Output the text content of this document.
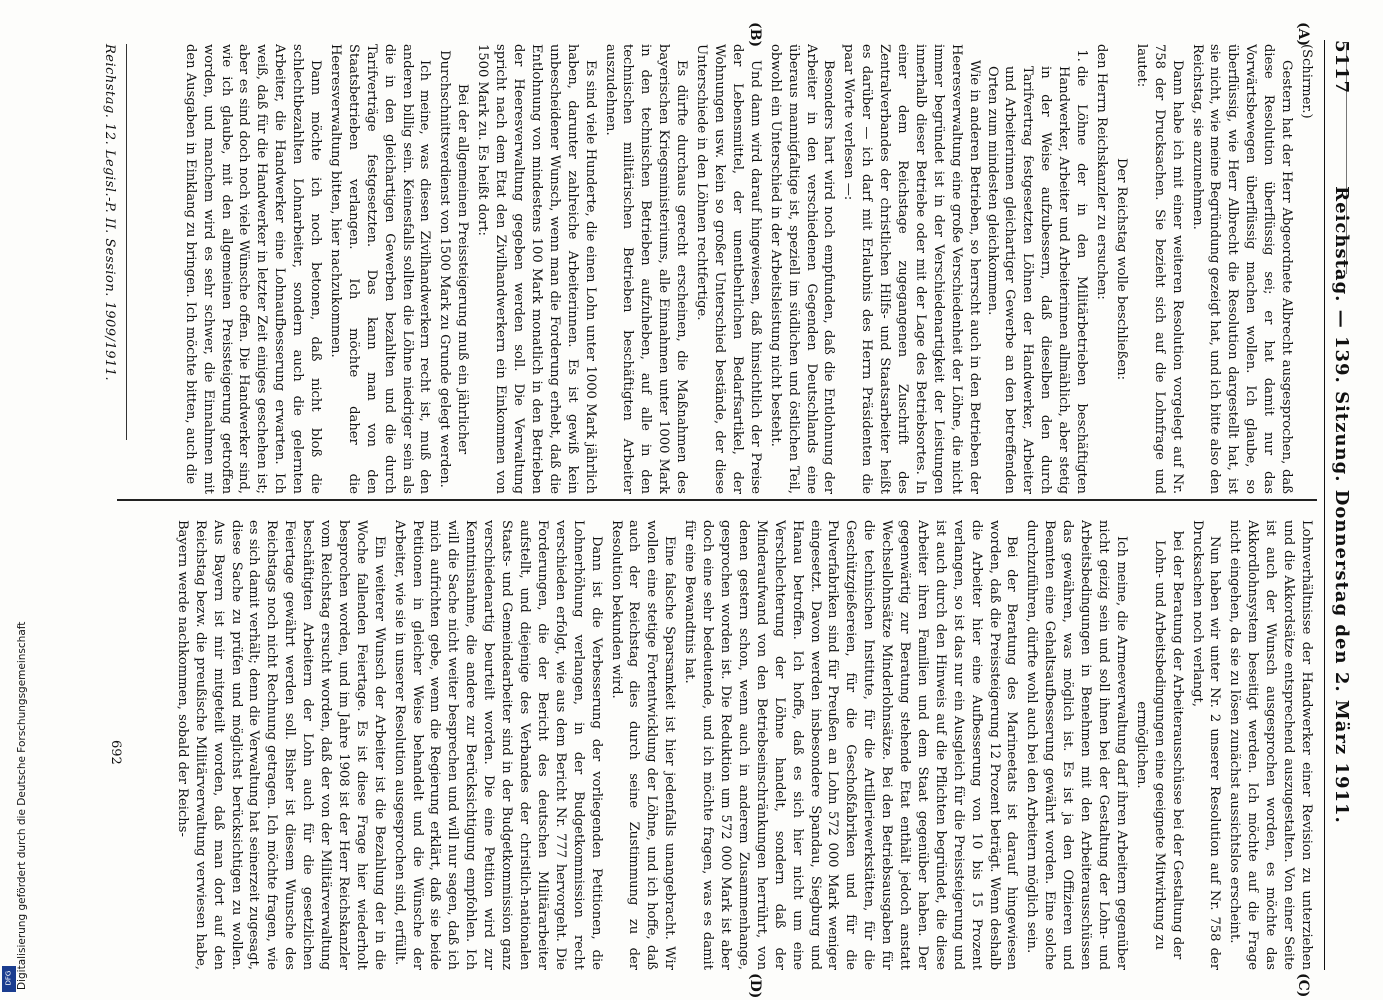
Digitalisierung gefördert durch die Deutsche Forschungsgemeinschaft
DFG
5117
Reichstag. — 139. Sitzung. Donnerstag den 2. März 1911.
(A)
(B)
(C)
(D)

(Schirmer.)

Gestern hat der Herr Abgeordnete Albrecht ausgesprochen, daß diese Resolution überflüssig sei; er hat damit nur das Vorwärtsbewegen überflüssig machen wollen. Ich glaube, so überflüssig, wie Herr Albrecht die Resolution dargestellt hat, ist sie nicht, wie meine Begründung gezeigt hat, und ich bitte also den Reichstag, sie anzunehmen.

Dann habe ich mit einer weiteren Resolution vorgelegt auf Nr. 758 der Drucksachen. Sie bezieht sich auf die Lohnfrage und lautet:

Der Reichstag wolle beschließen:

den Herrn Reichskanzler zu ersuchen:

1. die Löhne der in den Militärbetrieben beschäftigten Handwerker, Arbeiter und Arbeiterinnen allmählich, aber stetig in der Weise aufzubessern, daß dieselben den durch Tarifvertrag festgesetzten Löhnen der Handwerker, Arbeiter und Arbeiterinnen gleichartiger Gewerbe an den betreffenden Orten zum mindesten gleichkommen.

Wie in anderen Betrieben, so herrscht auch in den Betrieben der Heeresverwaltung eine große Verschiedenheit der Löhne, die nicht immer begründet ist in der Verschiedenartigkeit der Leistungen innerhalb dieser Betriebe oder mit der Lage des Betriebsortes. In einer dem Reichstage zugegangenen Zuschrift des Zentralverbandes der christlichen Hilfs- und Staatsarbeiter heißt es darüber — ich darf mit Erlaubnis des Herrn Präsidenten die paar Worte verlesen —:

Besonders hart wird noch empfunden, daß die Entlohnung der Arbeiter in den verschiedenen Gegenden Deutschlands eine überaus mannigfaltige ist, speziell im südlichen und östlichen Teil, obwohl ein Unterschied in der Arbeitsleistung nicht besteht.

Und dann wird darauf hingewiesen, daß hinsichtlich der Preise der Lebensmittel, der unentbehrlichen Bedarfsartikel, der Wohnungen usw. kein so großer Unterschied bestände, der diese Unterschiede in den Löhnen rechtfertige.

Es dürfte durchaus gerecht erscheinen, die Maßnahmen des bayerischen Kriegsministeriums, alle Einnahmen unter 1000 Mark in den technischen Betrieben aufzuheben, auf alle in den technischen militärischen Betrieben beschäftigten Arbeiter auszudehnen.

Es sind viele Hunderte, die einen Lohn unter 1000 Mark jährlich haben, darunter zahlreiche Arbeiterinnen. Es ist gewiß kein unbescheidener Wunsch, wenn man die Forderung erhebt, daß die Entlohnung von mindestens 100 Mark monatlich in den Betrieben der Heeresverwaltung gegeben werden soll. Die Verwaltung spricht nach dem Etat den Zivilhandwerkern ein Einkommen von 1500 Mark zu. Es heißt dort:

Bei der allgemeinen Preissteigerung muß ein jährlicher Durchschnittsverdienst von 1500 Mark zu Grunde gelegt werden.

Ich meine, was diesen Zivilhandwerkern recht ist, muß den anderen billig sein. Keinesfalls sollten die Löhne niedriger sein als die in den gleichartigen Gewerben bezahlten und die durch Tarifverträge festgesetzten. Das kann man von den Staatsbetrieben verlangen. Ich möchte daher die Heeresverwaltung bitten, hier nachzukommen.

Dann möchte ich noch betonen, daß nicht bloß die schlechtbezahlten Lohnarbeiter, sondern auch die gelernten Arbeiter, die Handwerker eine Lohnaufbesserung erwarten. Ich weiß, daß für die Handwerker in letzter Zeit einiges geschehen ist; aber es sind doch noch viele Wünsche offen. Die Handwerker sind, wie ich glaube, mit den allgemeinen Preissteigerung getroffen worden, und manchem wird es sehr schwer, die Einnahmen mit den Ausgaben in Einklang zu bringen. Ich möchte bitten, auch die

Lohnverhältnisse der Handwerker einer Revision zu unterziehen und die Akkordsätze entsprechend auszugestalten. Von einer Seite ist auch der Wunsch ausgesprochen worden, es möchte das Akkordlohnsystem beseitigt werden. Ich möchte auf die Frage nicht eingehen, da sie zu lösen zunächst aussichtslos erscheint.

Nun haben wir unter Nr. 2 unserer Resolution auf Nr. 758 der Drucksachen noch verlangt,

bei der Beratung der Arbeiterausschüsse bei der Gestaltung der Lohn- und Arbeitsbedingungen eine geeignete Mitwirkung zu ermöglichen.

Ich meine, die Armeeverwaltung darf ihren Arbeitern gegenüber nicht geizig sein und soll ihnen bei der Gestaltung der Lohn- und Arbeitsbedingungen in Benehmen mit den Arbeiterausschüssen das gewähren, was möglich ist. Es ist ja den Offizieren und Beamten eine Gehaltsaufbesserung gewährt worden. Eine solche durchzuführen, dürfte wohl auch bei den Arbeitern möglich sein.

Bei der Beratung des Marineetats ist darauf hingewiesen worden, daß die Preissteigerung 12 Prozent beträgt. Wenn deshalb die Arbeiter hier eine Aufbesserung von 10 bis 15 Prozent verlangen, so ist das nur ein Ausgleich für die Preissteigerung und ist auch durch den Hinweis auf die Pflichten begründet, die diese Arbeiter ihren Familien und dem Staat gegenüber haben. Der gegenwärtig zur Beratung stehende Etat enthält jedoch anstatt Wechsellohnsätze Minderlohnsätze. Bei den Betriebsausgaben für die technischen Institute, für die Artilleriewerkstätten, für die Geschützgießereien, für die Geschoßfabriken und für die Pulverfabriken sind für Preußen an Lohn 572 000 Mark weniger eingesetzt. Davon werden insbesondere Spandau, Siegburg und Hanau betroffen. Ich hoffe, daß es sich hier nicht um eine Verschlechterung der Löhne handelt, sondern daß der Minderaufwand von den Betriebseinschränkungen herrührt, von denen gestern schon, wenn auch in anderem Zusammenhange, gesprochen worden ist. Die Reduktion um 572 000 Mark ist aber doch eine sehr bedeutende, und ich möchte fragen, was es damit für eine Bewandtnis hat.

Eine falsche Sparsamkeit ist hier jedenfalls unangebracht. Wir wollen eine stetige Fortentwicklung der Löhne, und ich hoffe, daß auch der Reichstag dies durch seine Zustimmung zu der Resolution bekunden wird.

Dann ist die Verbesserung der vorliegenden Petitionen, die Lohnerhöhung verlangen, in der Budgetkommission recht verschieden erfolgt, wie aus dem Bericht Nr. 777 hervorgeht. Die Forderungen, die der Bericht des deutschen Militärarbeiter aufstellt, und diejenige des Verbandes der christlich-nationalen Staats- und Gemeindearbeiter sind in der Budgetkommission ganz verschiedenartig beurteilt worden. Die eine Petition wird zur Kenntnisnahme, die andere zur Berücksichtigung empfohlen. Ich will die Sache nicht weiter besprechen und will nur sagen, daß ich mich aufrichten gebe, wenn die Regierung erklärt, daß sie beide Petitionen in gleicher Weise behandelt und die Wünsche der Arbeiter, wie sie in unserer Resolution ausgesprochen sind, erfüllt.

Ein weiterer Wunsch der Arbeiter ist die Bezahlung der in die Woche fallenden Feiertage. Es ist diese Frage hier wiederholt besprochen worden, und im Jahre 1908 ist der Herr Reichskanzler vom Reichstag ersucht worden, daß der von der Militärverwaltung beschäftigten Arbeitern der Lohn auch für die gesetzlichen Feiertage gewährt werden soll. Bisher ist diesem Wunsche des Reichstags noch nicht Rechnung getragen. Ich möchte fragen, wie es sich damit verhält; denn die Verwaltung hat seinerzeit zugesagt, diese Sache zu prüfen und möglichst berücksichtigen zu wollen. Aus Bayern ist mir mitgeteilt worden, daß man dort auf den Reichstag bezw. die preußische Militärverwaltung verwiesen habe, Bayern werde nachkommen, sobald der Reichs-

Reichstag. 12. Legisl.-P. II. Session. 1909/1911.
692
